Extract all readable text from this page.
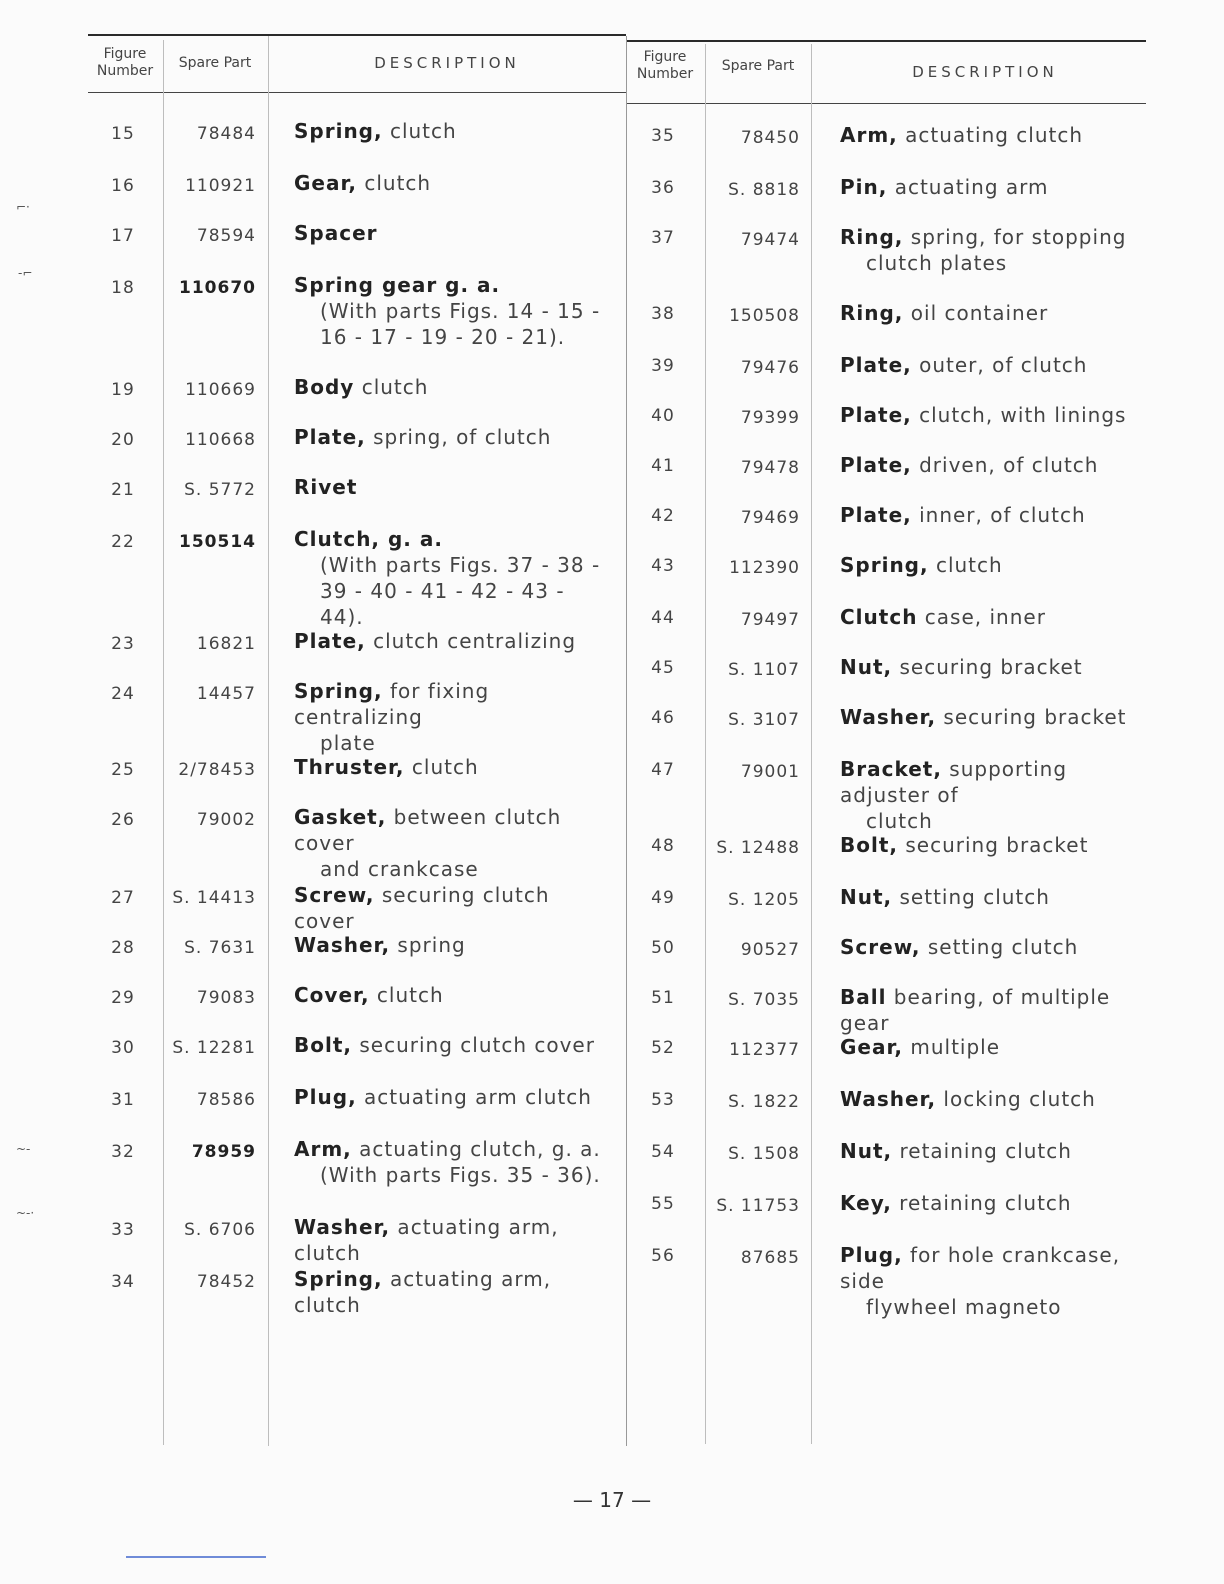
Figure Number	Spare Part	DESCRIPTION	Figure Number	Spare Part	DESCRIPTION
15	78484 Spring, clutch
16	110921 Gear, clutch
17	78594 Spacer
18	110670 Spring gear g. a.
(With parts Figs. 14 - 15 - 16 - 17 - 19 - 20 - 21).
19	110669 Body clutch
20	110668 Plate, spring, of clutch
21	S. 5772 Rivet
22	150514 Clutch, g. a.
(With parts Figs. 37 - 38 - 39 - 40 - 41 - 42 - 43 - 44).
23	16821 Plate, clutch centralizing
24	14457 Spring, for fixing centralizing
plate
25	2/78453 Thruster, clutch
26	79002 Gasket, between clutch cover
and crankcase
27	S. 14413 Screw, securing clutch cover
28	S. 7631 Washer, spring
29	79083 Cover, clutch
30	S. 12281 Bolt, securing clutch cover
31	78586 Plug, actuating arm clutch
32	78959 Arm, actuating clutch, g. a.
(With parts Figs. 35 - 36).
33	S. 6706 Washer, actuating arm, clutch
34	78452 Spring, actuating arm, clutch
35	78450 Arm, actuating clutch
36	S. 8818 Pin, actuating arm
37	79474 Ring, spring, for stopping
clutch plates
38	150508 Ring, oil container
39	79476 Plate, outer, of clutch
40	79399 Plate, clutch, with linings
41	79478 Plate, driven, of clutch
42	79469 Plate, inner, of clutch
43	112390 Spring, clutch
44	79497 Clutch case, inner
45	S. 1107 Nut, securing bracket
46	S. 3107 Washer, securing bracket
47	79001 Bracket, supporting adjuster of
clutch
48	S. 12488 Bolt, securing bracket
49	S. 1205 Nut, setting clutch
50	90527 Screw, setting clutch
51	S. 7035 Ball bearing, of multiple gear
52	112377 Gear, multiple
53	S. 1822 Washer, locking clutch
54	S. 1508 Nut, retaining clutch
55	S. 11753 Key, retaining clutch
56	87685 Plug, for hole crankcase, side
flywheel magneto
— 17 —
⌐·
‐⌐
~‑
~‑·
